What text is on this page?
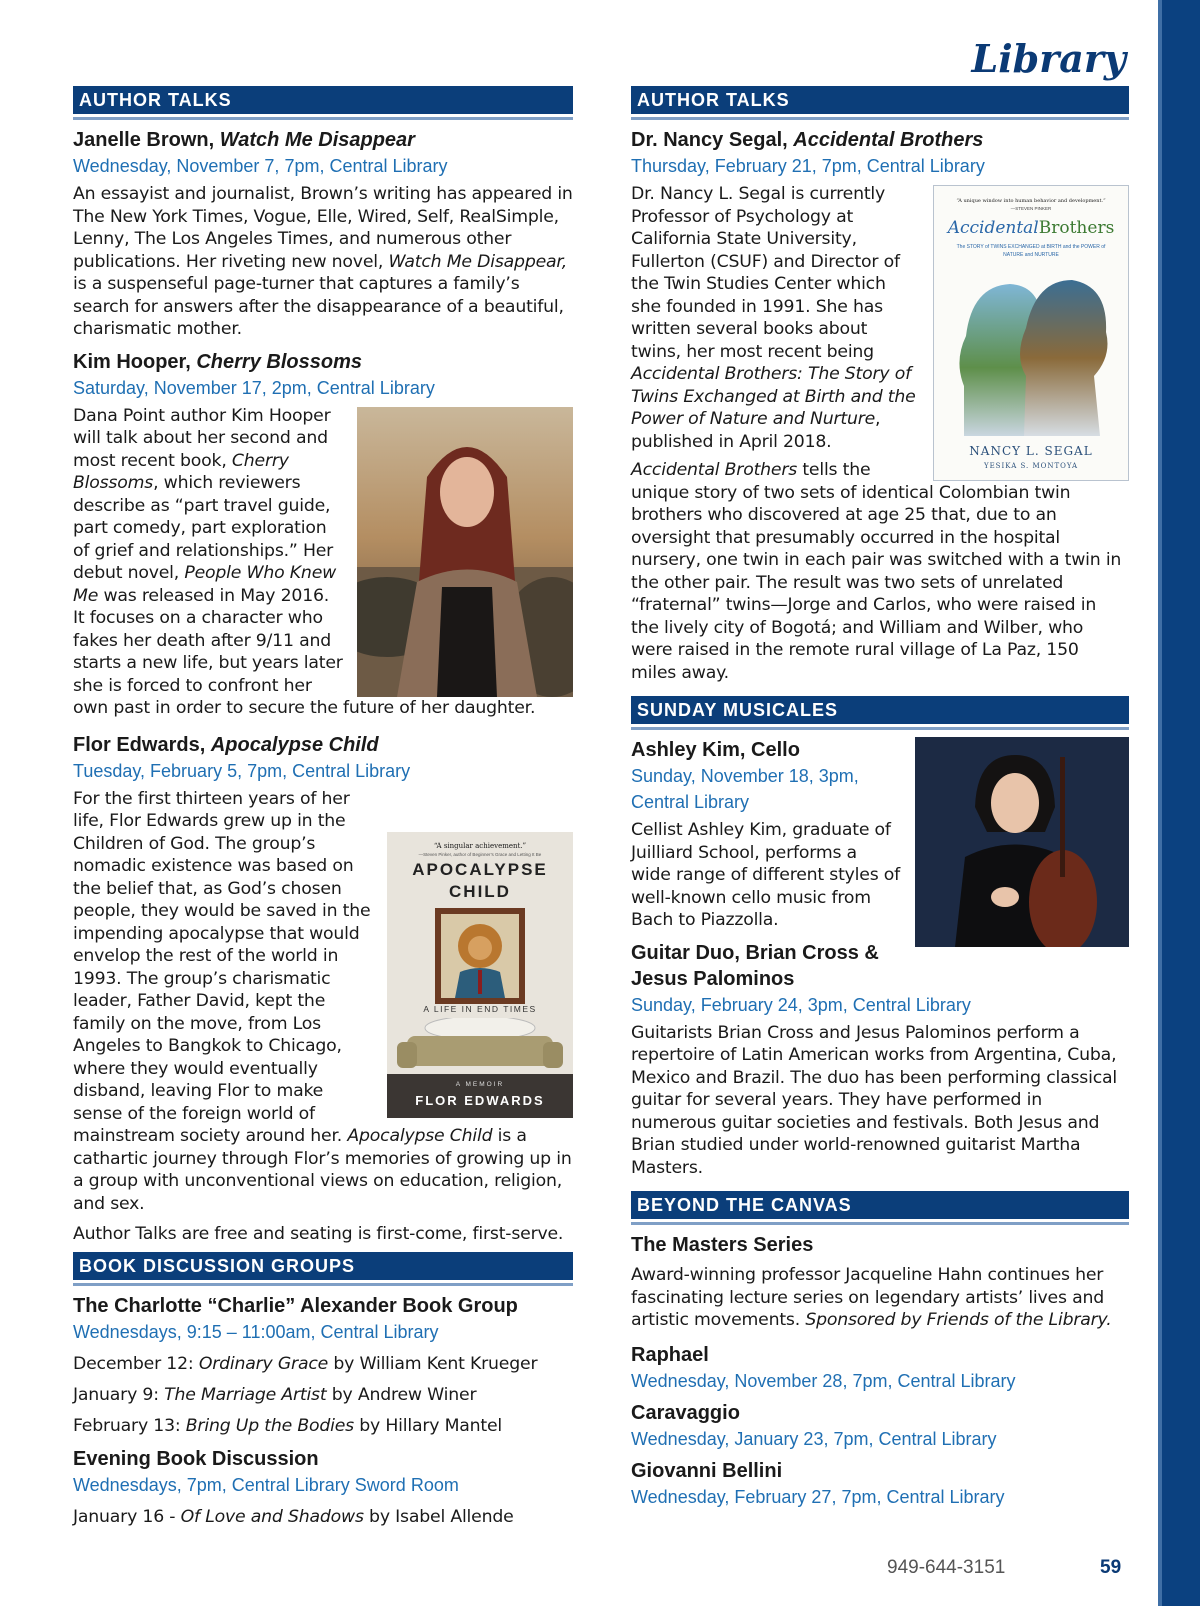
Library
AUTHOR TALKS
Janelle Brown, Watch Me Disappear
Wednesday, November 7, 7pm, Central Library

An essayist and journalist, Brown’s writing has appeared in The New York Times, Vogue, Elle, Wired, Self, RealSimple, Lenny, The Los Angeles Times, and numerous other publications. Her riveting new novel, Watch Me Disappear, is a suspenseful page-turner that captures a family’s search for answers after the disappearance of a beautiful, charismatic mother.

Kim Hooper, Cherry Blossoms
Saturday, November 17, 2pm, Central Library

Dana Point author Kim Hooper will talk about her second and most recent book, Cherry Blossoms, which reviewers describe as “part travel guide, part comedy, part exploration of grief and relationships.” Her debut novel, People Who Knew Me was released in May 2016. It focuses on a character who fakes her death after 9/11 and starts a new life, but years later she is forced to confront her own past in order to secure the future of her daughter.

Flor Edwards, Apocalypse Child
Tuesday, February 5, 7pm, Central Library
“A singular achievement.”
—Steven Pinker, author of Beginner’s Grace and Letting It Be
APOCALYPSE
CHILD
A LIFE IN END TIMES
A MEMOIR
FLOR EDWARDS

For the first thirteen years of her life, Flor Edwards grew up in the Children of God. The group’s nomadic existence was based on the belief that, as God’s chosen people, they would be saved in the impending apocalypse that would envelop the rest of the world in 1993. The group’s charismatic leader, Father David, kept the family on the move, from Los Angeles to Bangkok to Chicago, where they would eventually disband, leaving Flor to make sense of the foreign world of mainstream society around her. Apocalypse Child is a cathartic journey through Flor’s memories of growing up in a group with unconventional views on education, religion, and sex.

Author Talks are free and seating is first-come, first-serve.

BOOK DISCUSSION GROUPS
The Charlotte “Charlie” Alexander Book Group
Wednesdays, 9:15 – 11:00am, Central Library
December 12: Ordinary Grace by William Kent Krueger
January 9: The Marriage Artist by Andrew Winer
February 13: Bring Up the Bodies by Hillary Mantel
Evening Book Discussion
Wednesdays, 7pm, Central Library Sword Room
January 16 - Of Love and Shadows by Isabel Allende
AUTHOR TALKS
Dr. Nancy Segal, Accidental Brothers
Thursday, February 21, 7pm, Central Library
“A unique window into human behavior and development.”
—STEVEN PINKER
AccidentalBrothers
The STORY of TWINS EXCHANGED at BIRTH and the POWER of NATURE and NURTURE
NANCY L. SEGAL
YESIKA S. MONTOYA

Dr. Nancy L. Segal is currently Professor of Psychology at California State University, Fullerton (CSUF) and Director of the Twin Studies Center which she founded in 1991. She has written several books about twins, her most recent being Accidental Brothers: The Story of Twins Exchanged at Birth and the Power of Nature and Nurture, published in April 2018.

Accidental Brothers tells the unique story of two sets of identical Colombian twin brothers who discovered at age 25 that, due to an oversight that presumably occurred in the hospital nursery, one twin in each pair was switched with a twin in the other pair. The result was two sets of unrelated “fraternal” twins—Jorge and Carlos, who were raised in the lively city of Bogotá; and William and Wilber, who were raised in the remote rural village of La Paz, 150 miles away.

SUNDAY MUSICALES
Ashley Kim, Cello
Sunday, November 18, 3pm, Central Library

Cellist Ashley Kim, graduate of Juilliard School, performs a wide range of different styles of well-known cello music from Bach to Piazzolla.

Guitar Duo, Brian Cross & Jesus Palominos
Sunday, February 24, 3pm, Central Library

Guitarists Brian Cross and Jesus Palominos perform a repertoire of Latin American works from Argentina, Cuba, Mexico and Brazil. The duo has been performing classical guitar for several years. They have performed in numerous guitar societies and festivals. Both Jesus and Brian studied under world-renowned guitarist Martha Masters.

BEYOND THE CANVAS
The Masters Series

Award-winning professor Jacqueline Hahn continues her fascinating lecture series on legendary artists’ lives and artistic movements. Sponsored by Friends of the Library.

Raphael
Wednesday, November 28, 7pm, Central Library
Caravaggio
Wednesday, January 23, 7pm, Central Library
Giovanni Bellini
Wednesday, February 27, 7pm, Central Library
949-644-3151	59
